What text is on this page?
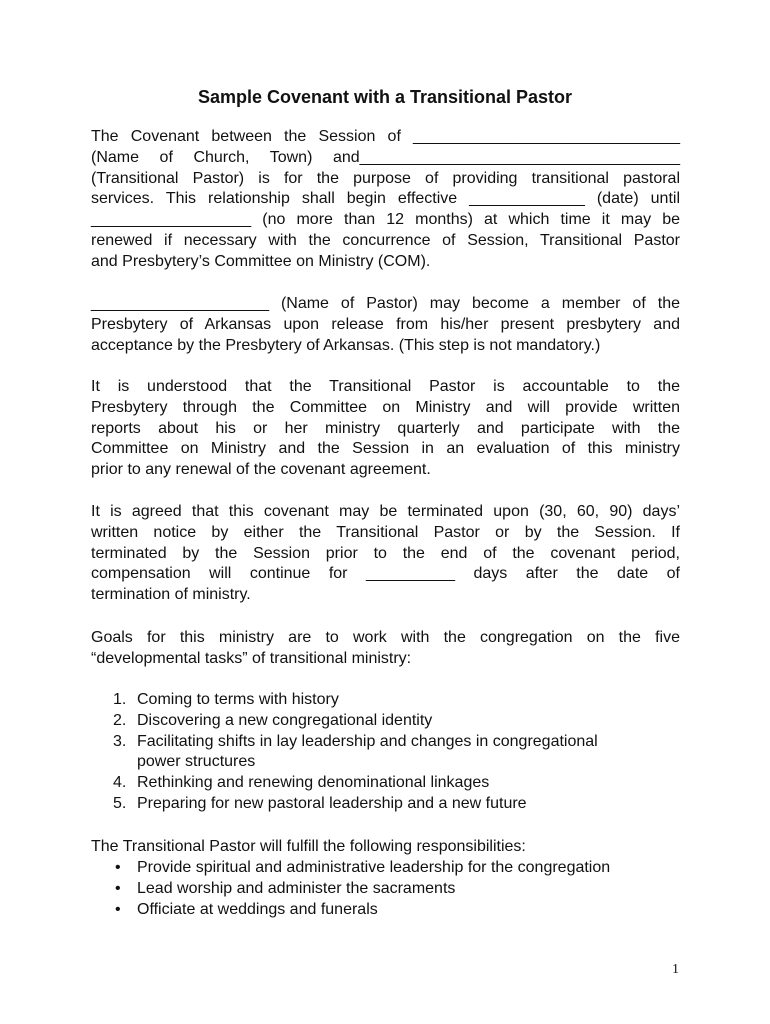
Sample Covenant with a Transitional Pastor

The Covenant between the Session of ______________________________
(Name of Church, Town) and____________________________________
(Transitional Pastor) is for the purpose of providing transitional pastoral
services. This relationship shall begin effective _____________ (date) until
__________________ (no more than 12 months) at which time it may be
renewed if necessary with the concurrence of Session, Transitional Pastor
and Presbytery’s Committee on Ministry (COM).

____________________ (Name of Pastor) may become a member of the
Presbytery of Arkansas upon release from his/her present presbytery and
acceptance by the Presbytery of Arkansas. (This step is not mandatory.)

It is understood that the Transitional Pastor is accountable to the
Presbytery through the Committee on Ministry and will provide written
reports about his or her ministry quarterly and participate with the
Committee on Ministry and the Session in an evaluation of this ministry
prior to any renewal of the covenant agreement.

It is agreed that this covenant may be terminated upon (30, 60, 90) days’
written notice by either the Transitional Pastor or by the Session. If
terminated by the Session prior to the end of the covenant period,
compensation will continue for __________ days after the date of
termination of ministry.

Goals for this ministry are to work with the congregation on the five
“developmental tasks” of transitional ministry:

1. Coming to terms with history
2. Discovering a new congregational identity
3. Facilitating shifts in lay leadership and changes in congregational
power structures
4. Rethinking and renewing denominational linkages
5. Preparing for new pastoral leadership and a new future

The Transitional Pastor will fulfill the following responsibilities:

• Provide spiritual and administrative leadership for the congregation
• Lead worship and administer the sacraments
• Officiate at weddings and funerals
1
